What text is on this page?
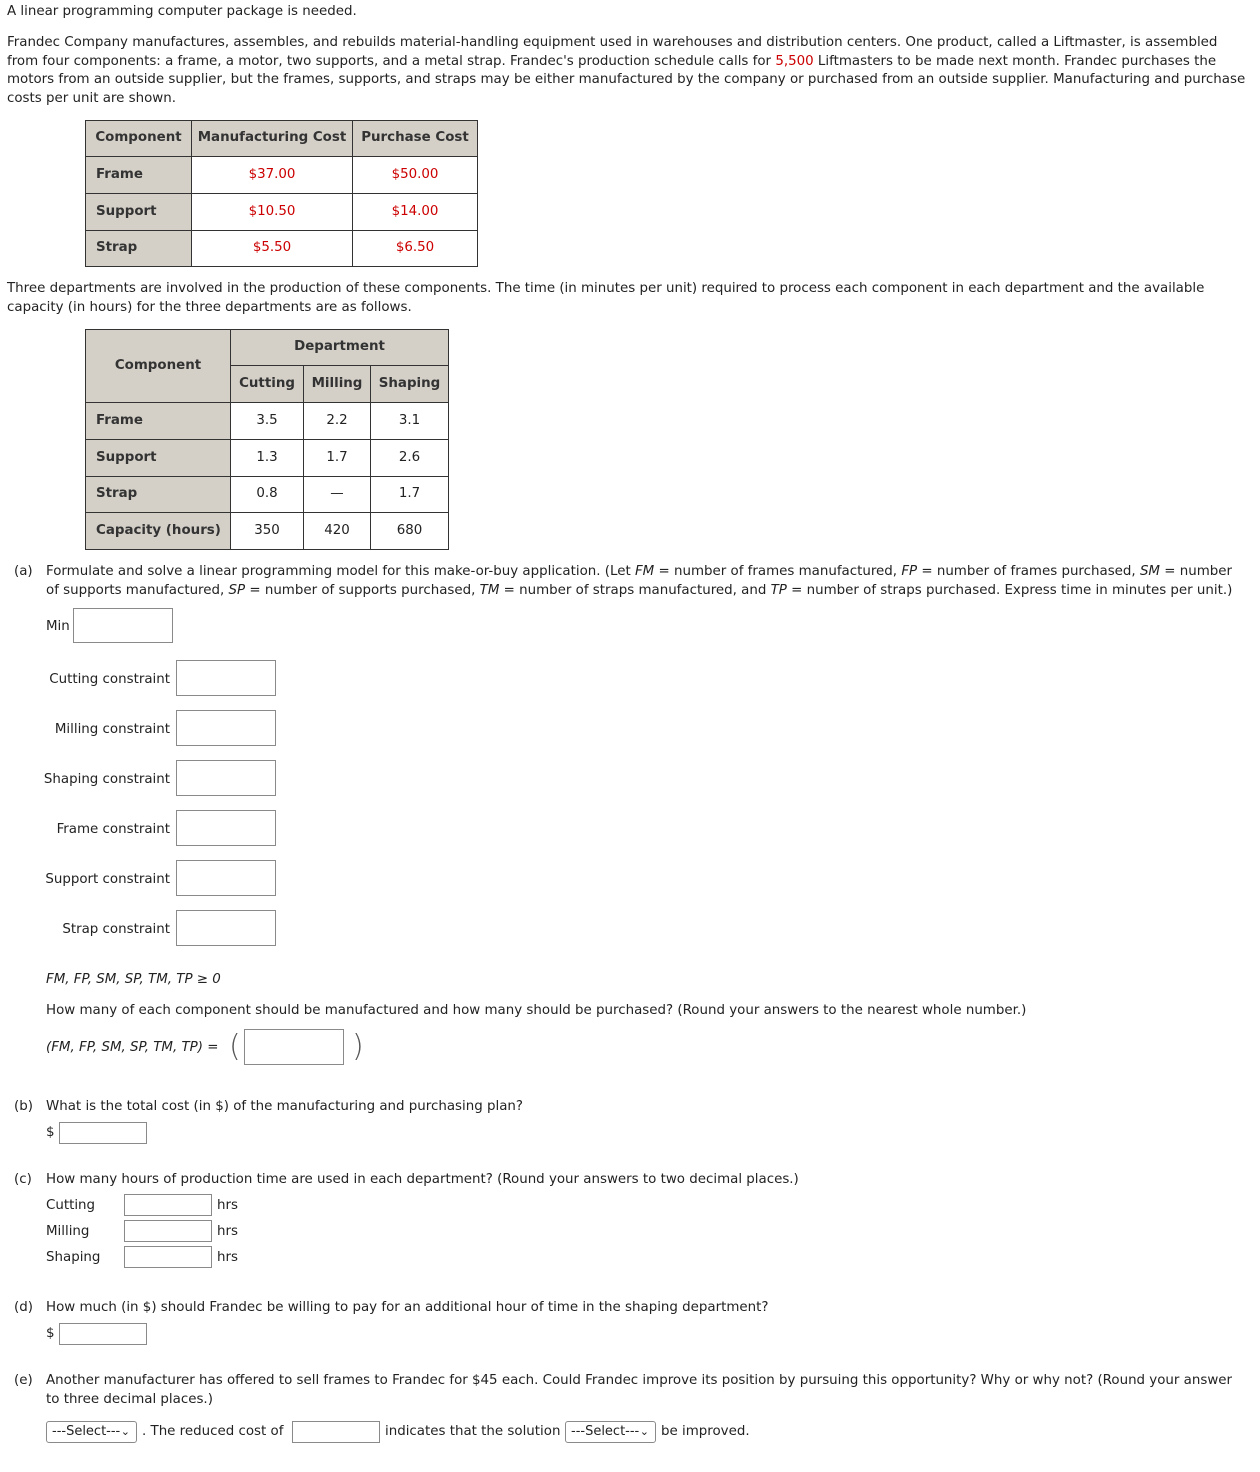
A linear programming computer package is needed.

Frandec Company manufactures, assembles, and rebuilds material-handling equipment used in warehouses and distribution centers. One product, called a Liftmaster, is assembled from four components: a frame, a motor, two supports, and a metal strap. Frandec's production schedule calls for 5,500 Liftmasters to be made next month. Frandec purchases the motors from an outside supplier, but the frames, supports, and straps may be either manufactured by the company or purchased from an outside supplier. Manufacturing and purchase costs per unit are shown.

Component	Manufacturing Cost	Purchase Cost
Frame	$37.00	$50.00
Support	$10.50	$14.00
Strap	$5.50	$6.50

Three departments are involved in the production of these components. The time (in minutes per unit) required to process each component in each department and the available capacity (in hours) for the three departments are as follows.

Component	Department		
	Cutting	Milling	Shaping
Frame	3.5	2.2	3.1
Support	1.3	1.7	2.6
Strap	0.8	—	1.7
Capacity (hours)	350	420	680
(a) Formulate and solve a linear programming model for this make-or-buy application. (Let FM = number of frames manufactured, FP = number of frames purchased, SM = number of supports manufactured, SP = number of supports purchased, TM = number of straps manufactured, and TP = number of straps purchased. Express time in minutes per unit.)

Min
Cutting constraint
Milling constraint
Shaping constraint
Frame constraint
Support constraint
Strap constraint
FM, FP, SM, SP, TM, TP ≥ 0

How many of each component should be manufactured and how many should be purchased? (Round your answers to the nearest whole number.)

(FM, FP, SM, SP, TM, TP) = (	)
(b) What is the total cost (in $) of the manufacturing and purchasing plan?

$
(c) How many hours of production time are used in each department? (Round your answers to two decimal places.)

Cutting	hrs
Milling	hrs
Shaping	hrs
(d) How much (in $) should Frandec be willing to pay for an additional hour of time in the shaping department?

$
(e) Another manufacturer has offered to sell frames to Frandec for $45 each. Could Frandec improve its position by pursuing this opportunity? Why or why not? (Round your answer to three decimal places.)

---Select--- ⌄ . The reduced cost of	indicates that the solution ---Select--- ⌄ be improved.
